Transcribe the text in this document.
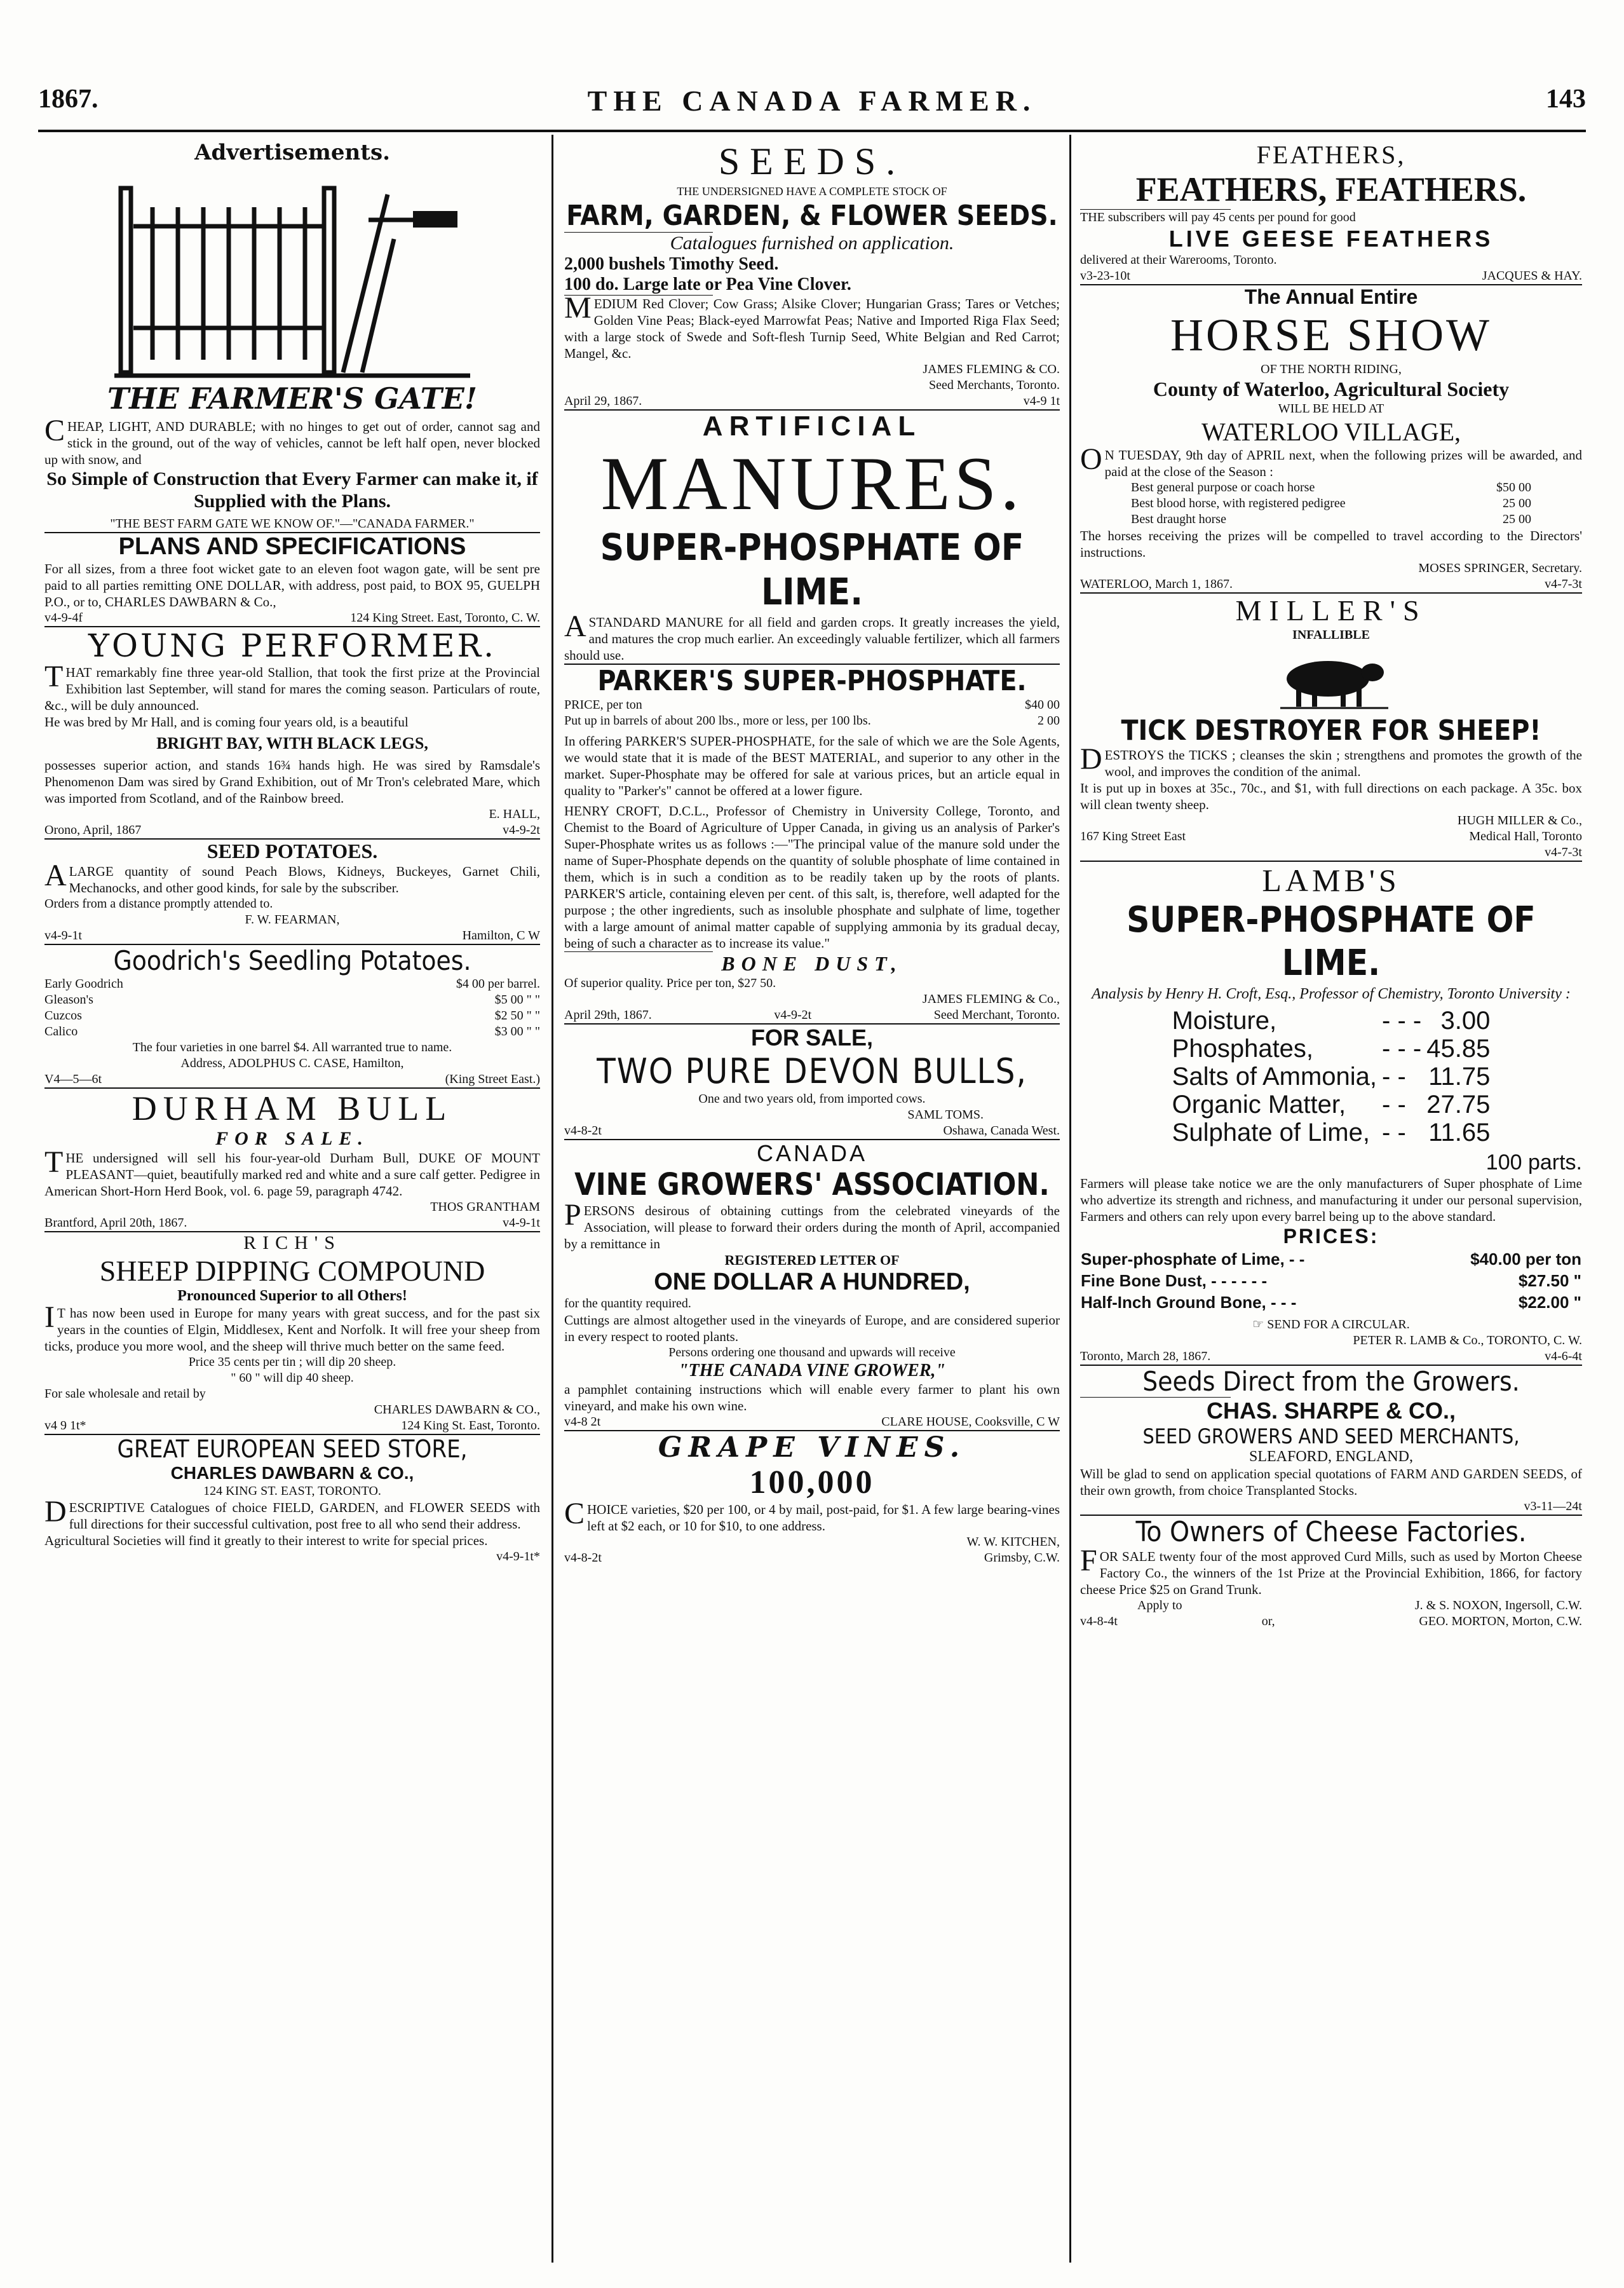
1867.	THE CANADA FARMER.	143
Advertisements.
THE FARMER'S GATE!

CHEAP, LIGHT, AND DURABLE; with no hinges to get out of order, cannot sag and stick in the ground, out of the way of vehicles, cannot be left half open, never blocked up with snow, and

So Simple of Construction that Every Farmer can make it, if Supplied with the Plans.

"THE BEST FARM GATE WE KNOW OF."—"CANADA FARMER."

PLANS AND SPECIFICATIONS

For all sizes, from a three foot wicket gate to an eleven foot wagon gate, will be sent pre paid to all parties remitting ONE DOLLAR, with address, post paid, to BOX 95, GUELPH P.O., or to, CHARLES DAWBARN & Co.,

v4-9-4f	124 King Street. East, Toronto, C. W.
YOUNG PERFORMER.

THAT remarkably fine three year-old Stallion, that took the first prize at the Provincial Exhibition last September, will stand for mares the coming season. Particulars of route, &c., will be duly announced.

He was bred by Mr Hall, and is coming four years old, is a beautiful

BRIGHT BAY, WITH BLACK LEGS,

possesses superior action, and stands 16¾ hands high. He was sired by Ramsdale's Phenomenon Dam was sired by Grand Exhibition, out of Mr Tron's celebrated Mare, which was imported from Scotland, and of the Rainbow breed.

E. HALL,
Orono, April, 1867	v4-9-2t
SEED POTATOES.

ALARGE quantity of sound Peach Blows, Kidneys, Buckeyes, Garnet Chili, Mechanocks, and other good kinds, for sale by the subscriber.

Orders from a distance promptly attended to.

F. W. FEARMAN,
v4-9-1t	Hamilton, C W
Goodrich's Seedling Potatoes.
Early Goodrich	$4 00 per barrel.
Gleason's	$5 00 " "
Cuzcos	$2 50 " "
Calico	$3 00 " "

The four varieties in one barrel $4. All warranted true to name.

Address, ADOLPHUS C. CASE, Hamilton,
V4—5—6t	(King Street East.)
DURHAM BULL
FOR SALE.

THE undersigned will sell his four-year-old Durham Bull, DUKE OF MOUNT PLEASANT—quiet, beautifully marked red and white and a sure calf getter. Pedigree in American Short-Horn Herd Book, vol. 6. page 59, paragraph 4742.

THOS GRANTHAM
Brantford, April 20th, 1867.	v4-9-1t
RICH'S
SHEEP DIPPING COMPOUND
Pronounced Superior to all Others!

IT has now been used in Europe for many years with great success, and for the past six years in the counties of Elgin, Middlesex, Kent and Norfolk. It will free your sheep from ticks, produce you more wool, and the sheep will thrive much better on the same feed.

Price 35 cents per tin ; will dip 20 sheep.
" 60 " will dip 40 sheep.

For sale wholesale and retail by

CHARLES DAWBARN & CO.,
v4 9 1t*	124 King St. East, Toronto.
GREAT EUROPEAN SEED STORE,
CHARLES DAWBARN & CO.,
124 KING ST. EAST, TORONTO.

DESCRIPTIVE Catalogues of choice FIELD, GARDEN, and FLOWER SEEDS with full directions for their successful cultivation, post free to all who send their address.

Agricultural Societies will find it greatly to their interest to write for special prices.

v4-9-1t*
SEEDS.
THE UNDERSIGNED HAVE A COMPLETE STOCK OF
FARM, GARDEN, & FLOWER SEEDS.
Catalogues furnished on application.
2,000 bushels Timothy Seed.
100 do. Large late or Pea Vine Clover.

MEDIUM Red Clover; Cow Grass; Alsike Clover; Hungarian Grass; Tares or Vetches; Golden Vine Peas; Black-eyed Marrowfat Peas; Native and Imported Riga Flax Seed; with a large stock of Swede and Soft-flesh Turnip Seed, White Belgian and Red Carrot; Mangel, &c.

JAMES FLEMING & CO.
Seed Merchants, Toronto.
April 29, 1867.	v4-9 1t
ARTIFICIAL
MANURES.
SUPER-PHOSPHATE OF LIME.

ASTANDARD MANURE for all field and garden crops. It greatly increases the yield, and matures the crop much earlier. An exceedingly valuable fertilizer, which all farmers should use.

PARKER'S SUPER-PHOSPHATE.
PRICE, per ton	$40 00
Put up in barrels of about 200 lbs., more or less, per 100 lbs.	2 00

In offering PARKER'S SUPER-PHOSPHATE, for the sale of which we are the Sole Agents, we would state that it is made of the BEST MATERIAL, and superior to any other in the market. Super-Phosphate may be offered for sale at various prices, but an article equal in quality to "Parker's" cannot be offered at a lower figure.

HENRY CROFT, D.C.L., Professor of Chemistry in University College, Toronto, and Chemist to the Board of Agriculture of Upper Canada, in giving us an analysis of Parker's Super-Phosphate writes us as follows :—"The principal value of the manure sold under the name of Super-Phosphate depends on the quantity of soluble phosphate of lime contained in them, which is in such a condition as to be readily taken up by the roots of plants. PARKER'S article, containing eleven per cent. of this salt, is, therefore, well adapted for the purpose ; the other ingredients, such as insoluble phosphate and sulphate of lime, together with a large amount of animal matter capable of supplying ammonia by its gradual decay, being of such a character as to increase its value."

BONE DUST,

Of superior quality. Price per ton, $27 50.

JAMES FLEMING & Co.,
April 29th, 1867.	v4-9-2t	Seed Merchant, Toronto.
FOR SALE,
TWO PURE DEVON BULLS,
One and two years old, from imported cows.
SAML TOMS.
v4-8-2t	Oshawa, Canada West.
CANADA
VINE GROWERS' ASSOCIATION.

PERSONS desirous of obtaining cuttings from the celebrated vineyards of the Association, will please to forward their orders during the month of April, accompanied by a remittance in

REGISTERED LETTER OF
ONE DOLLAR A HUNDRED,

for the quantity required.

Cuttings are almost altogether used in the vineyards of Europe, and are considered superior in every respect to rooted plants.

Persons ordering one thousand and upwards will receive

"THE CANADA VINE GROWER,"

a pamphlet containing instructions which will enable every farmer to plant his own vineyard, and make his own wine.

v4-8 2t	CLARE HOUSE, Cooksville, C W
GRAPE VINES.
100,000

CHOICE varieties, $20 per 100, or 4 by mail, post-paid, for $1. A few large bearing-vines left at $2 each, or 10 for $10, to one address.

W. W. KITCHEN,
v4-8-2t	Grimsby, C.W.
FEATHERS,
FEATHERS, FEATHERS.

THE subscribers will pay 45 cents per pound for good

LIVE GEESE FEATHERS

delivered at their Warerooms, Toronto.

v3-23-10t	JACQUES & HAY.
The Annual Entire
HORSE SHOW
OF THE NORTH RIDING,
County of Waterloo, Agricultural Society
WILL BE HELD AT
WATERLOO VILLAGE,

ON TUESDAY, 9th day of APRIL next, when the following prizes will be awarded, and paid at the close of the Season :

Best general purpose or coach horse	$50 00
Best blood horse, with registered pedigree	25 00
Best draught horse	25 00

The horses receiving the prizes will be compelled to travel according to the Directors' instructions.

MOSES SPRINGER, Secretary.
WATERLOO, March 1, 1867.	v4-7-3t
MILLER'S
INFALLIBLE
TICK DESTROYER FOR SHEEP!

DESTROYS the TICKS ; cleanses the skin ; strengthens and promotes the growth of the wool, and improves the condition of the animal.

It is put up in boxes at 35c., 70c., and $1, with full directions on each package. A 35c. box will clean twenty sheep.

HUGH MILLER & Co.,
167 King Street East	Medical Hall, Toronto
v4-7-3t
LAMB'S
SUPER-PHOSPHATE OF LIME.

Analysis by Henry H. Croft, Esq., Professor of Chemistry, Toronto University :

Moisture,	- - -	3.00
Phosphates,	- - -	45.85
Salts of Ammonia,	- -	11.75
Organic Matter,	- -	27.75
Sulphate of Lime,	- -	11.65
100 parts.

Farmers will please take notice we are the only manufacturers of Super phosphate of Lime who advertize its strength and richness, and manufacturing it under our personal supervision, Farmers and others can rely upon every barrel being up to the above standard.

PRICES:
Super-phosphate of Lime, - -	$40.00 per ton
Fine Bone Dust, - - - - - -	$27.50 "
Half-Inch Ground Bone, - - -	$22.00 "
☞ SEND FOR A CIRCULAR.
PETER R. LAMB & Co., TORONTO, C. W.
Toronto, March 28, 1867.	v4-6-4t
Seeds Direct from the Growers.
CHAS. SHARPE & CO.,
SEED GROWERS AND SEED MERCHANTS,
SLEAFORD, ENGLAND,

Will be glad to send on application special quotations of FARM AND GARDEN SEEDS, of their own growth, from choice Transplanted Stocks.

v3-11—24t
To Owners of Cheese Factories.

FOR SALE twenty four of the most approved Curd Mills, such as used by Morton Cheese Factory Co., the winners of the 1st Prize at the Provincial Exhibition, 1866, for factory cheese Price $25 on Grand Trunk.

Apply to	J. & S. NOXON, Ingersoll, C.W.
v4-8-4t	or,	GEO. MORTON, Morton, C.W.
